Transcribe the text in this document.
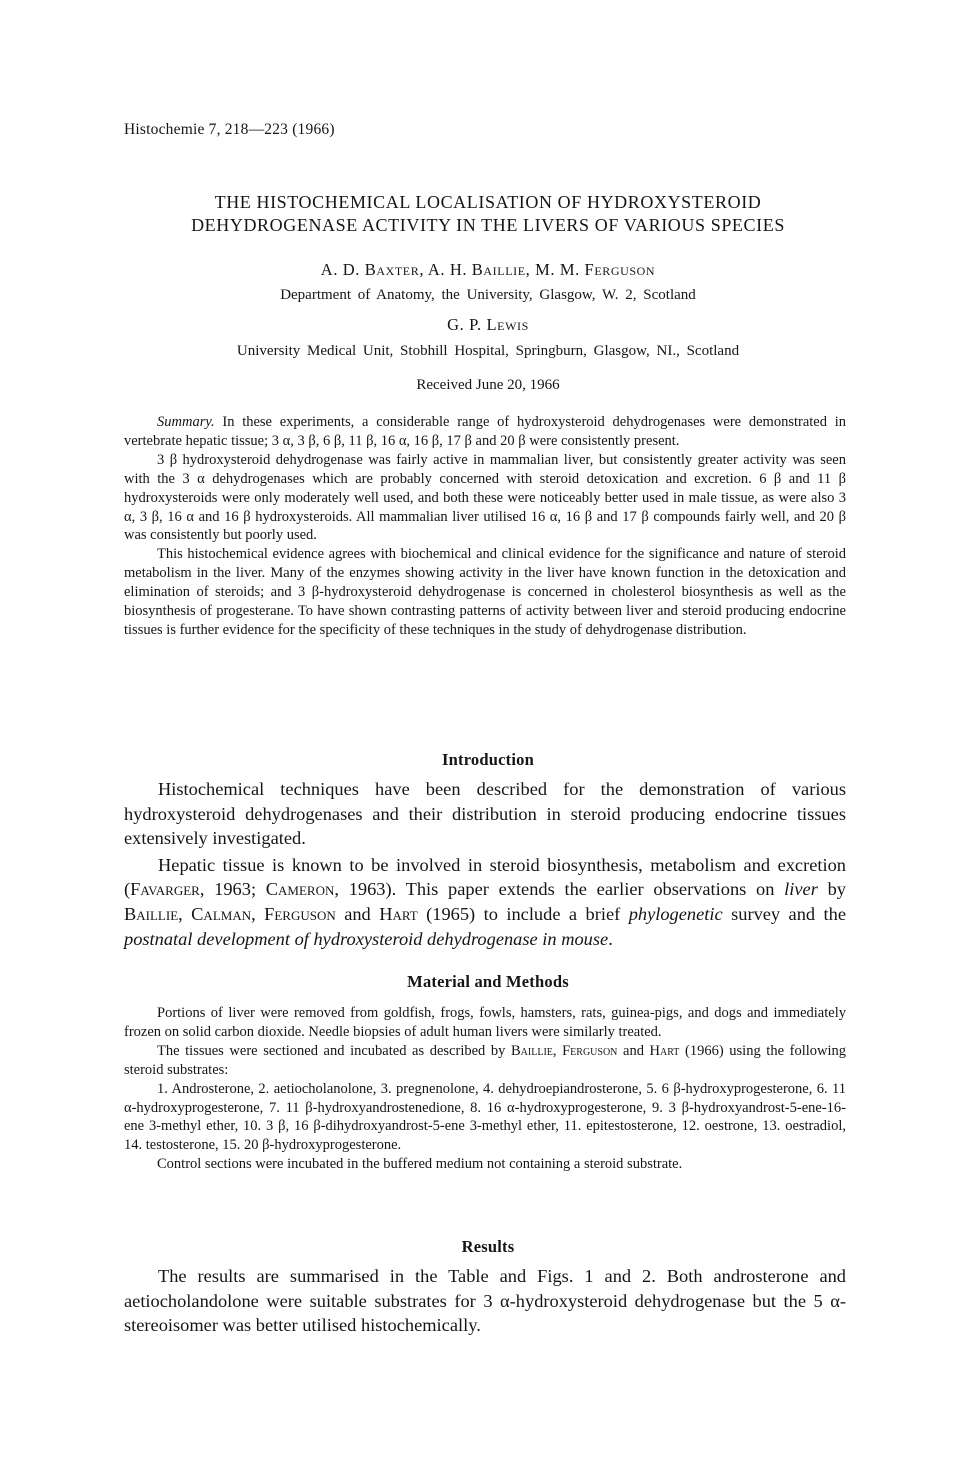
Histochemie 7, 218—223 (1966)
THE HISTOCHEMICAL LOCALISATION OF HYDROXYSTEROID
DEHYDROGENASE ACTIVITY IN THE LIVERS OF VARIOUS SPECIES
A. D. Baxter, A. H. Baillie, M. M. Ferguson
Department of Anatomy, the University, Glasgow, W. 2, Scotland
G. P. Lewis
University Medical Unit, Stobhill Hospital, Springburn, Glasgow, NI., Scotland
Received June 20, 1966

Summary. In these experiments, a considerable range of hydroxysteroid dehydrogenases were demonstrated in vertebrate hepatic tissue; 3 α, 3 β, 6 β, 11 β, 16 α, 16 β, 17 β and 20 β were consistently present.

3 β hydroxysteroid dehydrogenase was fairly active in mammalian liver, but consistently greater activity was seen with the 3 α dehydrogenases which are probably concerned with steroid detoxication and excretion. 6 β and 11 β hydroxysteroids were only moderately well used, and both these were noticeably better used in male tissue, as were also 3 α, 3 β, 16 α and 16 β hydroxysteroids. All mammalian liver utilised 16 α, 16 β and 17 β compounds fairly well, and 20 β was consistently but poorly used.

This histochemical evidence agrees with biochemical and clinical evidence for the significance and nature of steroid metabolism in the liver. Many of the enzymes showing activity in the liver have known function in the detoxication and elimination of steroids; and 3 β-hydroxysteroid dehydrogenase is concerned in cholesterol biosynthesis as well as the biosynthesis of progesterane. To have shown contrasting patterns of activity between liver and steroid producing endocrine tissues is further evidence for the specificity of these techniques in the study of dehydrogenase distribution.

Introduction

Histochemical techniques have been described for the demonstration of various hydroxysteroid dehydrogenases and their distribution in steroid producing endocrine tissues extensively investigated.

Hepatic tissue is known to be involved in steroid biosynthesis, metabolism and excretion (Favarger, 1963; Cameron, 1963). This paper extends the earlier observations on liver by Baillie, Calman, Ferguson and Hart (1965) to include a brief phylogenetic survey and the postnatal development of hydroxysteroid dehydrogenase in mouse.

Material and Methods

Portions of liver were removed from goldfish, frogs, fowls, hamsters, rats, guinea-pigs, and dogs and immediately frozen on solid carbon dioxide. Needle biopsies of adult human livers were similarly treated.

The tissues were sectioned and incubated as described by Baillie, Ferguson and Hart (1966) using the following steroid substrates:

1. Androsterone, 2. aetiocholanolone, 3. pregnenolone, 4. dehydroepiandrosterone, 5. 6 β-hydroxyprogesterone, 6. 11 α-hydroxyprogesterone, 7. 11 β-hydroxyandrostenedione, 8. 16 α-hydroxyprogesterone, 9. 3 β-hydroxyandrost-5-ene-16-ene 3-methyl ether, 10. 3 β, 16 β-dihydroxyandrost-5-ene 3-methyl ether, 11. epitestosterone, 12. oestrone, 13. oestradiol, 14. testosterone, 15. 20 β-hydroxyprogesterone.

Control sections were incubated in the buffered medium not containing a steroid substrate.

Results

The results are summarised in the Table and Figs. 1 and 2. Both androsterone and aetiocholandolone were suitable substrates for 3 α-hydroxysteroid dehydrogenase but the 5 α-stereoisomer was better utilised histochemically.
